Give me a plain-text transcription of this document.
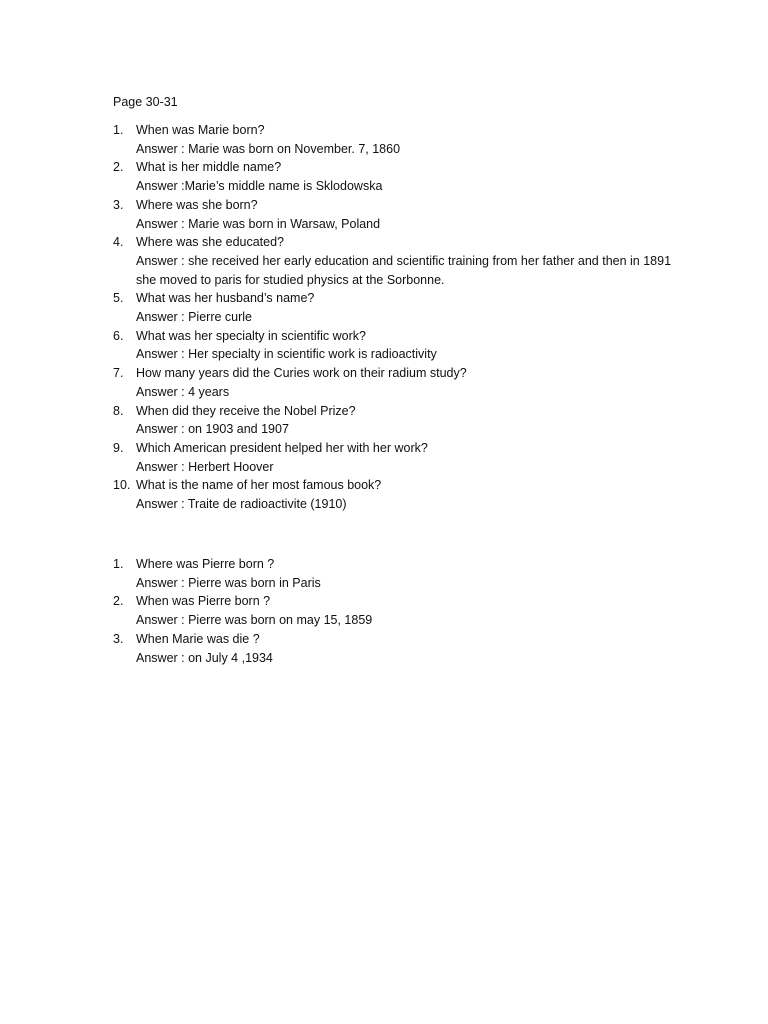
Page 30-31
1.	When was Marie born?
Answer : Marie was born on November. 7, 1860
2.	What is her middle name?
Answer :Marie’s middle name is Sklodowska
3.	Where was she born?
Answer : Marie was born in Warsaw, Poland
4.	Where was she educated?
Answer : she received her early education and scientific training from her father and then in 1891 she moved to paris for studied physics at the Sorbonne.
5.	What was her husband’s name?
Answer : Pierre curle
6.	What was her specialty in scientific work?
Answer : Her specialty in scientific work is radioactivity
7.	How many years did the Curies work on their radium study?
Answer : 4 years
8.	When did they receive the Nobel Prize?
Answer : on 1903 and 1907
9.	Which American president helped her with her work?
Answer : Herbert Hoover
10. What is the name of her most famous book?
Answer : Traite de radioactivite (1910)
1.	Where was Pierre born ?
Answer : Pierre was born in Paris
2.	When was Pierre born ?
Answer : Pierre was born on may 15, 1859
3.	When Marie was die ?
Answer : on July 4 ,1934
